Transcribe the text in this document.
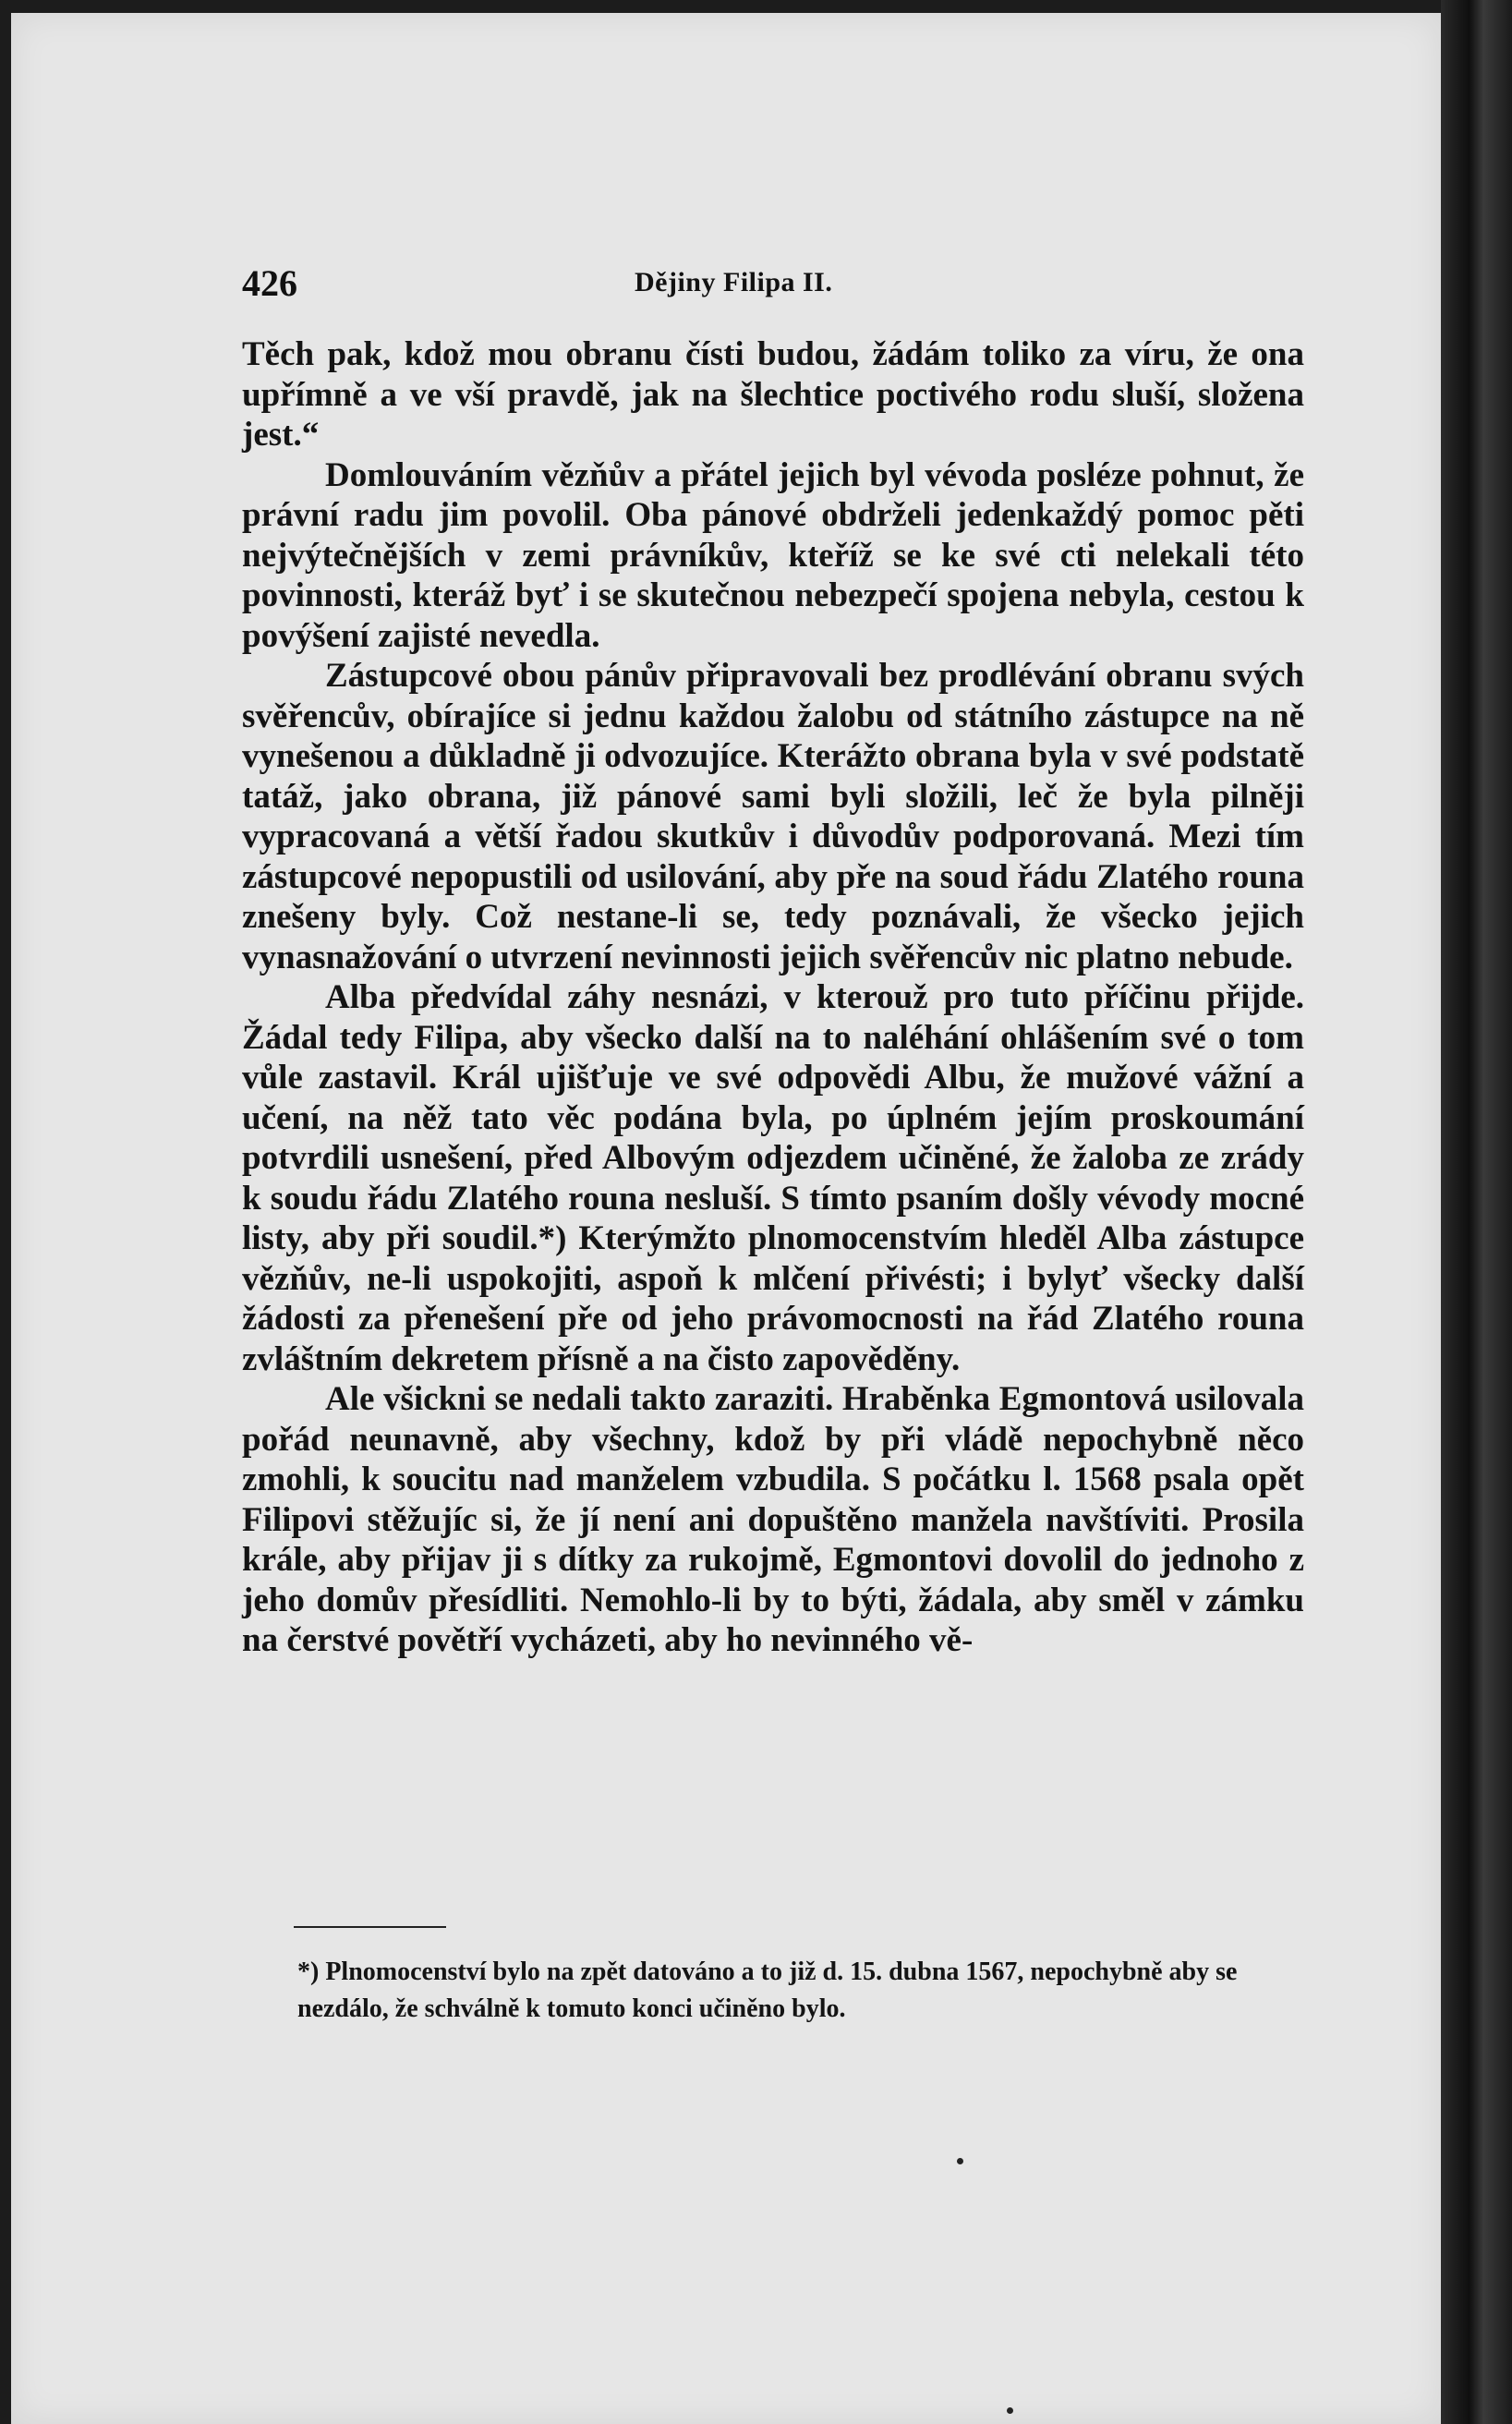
426	Dějiny Filipa II.

Těch pak, kdož mou obranu čísti budou, žádám toliko za víru, že ona upřímně a ve vší pravdě, jak na šlechtice poctivého rodu sluší, složena jest.“

Domlouváním vězňův a přátel jejich byl vévoda posléze pohnut, že právní radu jim povolil. Oba pánové obdrželi jedenkaždý pomoc pěti nejvýtečnějších v zemi právníkův, kteříž se ke své cti nelekali této povinnosti, kteráž byť i se skutečnou nebezpečí spojena nebyla, cestou k povýšení zajisté nevedla.

Zástupcové obou pánův připravovali bez prodlévání obranu svých svěřencův, obírajíce si jednu každou žalobu od státního zástupce na ně vynešenou a důkladně ji odvozujíce. Kterážto obrana byla v své podstatě tatáž, jako obrana, již pánové sami byli složili, leč že byla pilněji vypracovaná a větší řadou skutkův i důvodův podporovaná. Mezi tím zástupcové nepopustili od usilování, aby pře na soud řádu Zlatého rouna znešeny byly. Což nestane-li se, tedy poznávali, že všecko jejich vynasnažování o utvrzení nevinnosti jejich svěřencův nic platno nebude.

Alba předvídal záhy nesnázi, v kterouž pro tuto příčinu přijde. Žádal tedy Filipa, aby všecko další na to naléhání ohlášením své o tom vůle zastavil. Král ujišťuje ve své odpovědi Albu, že mužové vážní a učení, na něž tato věc podána byla, po úplném jejím proskoumání potvrdili usnešení, před Albovým odjezdem učiněné, že žaloba ze zrády k soudu řádu Zlatého rouna nesluší. S tímto psaním došly vévody mocné listy, aby při soudil.*) Kterýmžto plnomocenstvím hleděl Alba zástupce vězňův, ne-li uspokojiti, aspoň k mlčení přivésti; i bylyť všecky další žádosti za přenešení pře od jeho právomocnosti na řád Zlatého rouna zvláštním dekretem přísně a na čisto zapověděny.

Ale všickni se nedali takto zaraziti. Hraběnka Egmontová usilovala pořád neunavně, aby všechny, kdož by při vládě nepochybně něco zmohli, k soucitu nad manželem vzbudila. S počátku l. 1568 psala opět Filipovi stěžujíc si, že jí není ani dopuštěno manžela navštíviti. Prosila krále, aby přijav ji s dítky za rukojmě, Egmontovi dovolil do jednoho z jeho domův přesídliti. Nemohlo-li by to býti, žádala, aby směl v zámku na čerstvé povětří vycházeti, aby ho nevinného vě-

*) Plnomocenství bylo na zpět datováno a to již d. 15. dubna 1567, nepochybně aby se nezdálo, že schválně k tomuto konci učiněno bylo.
